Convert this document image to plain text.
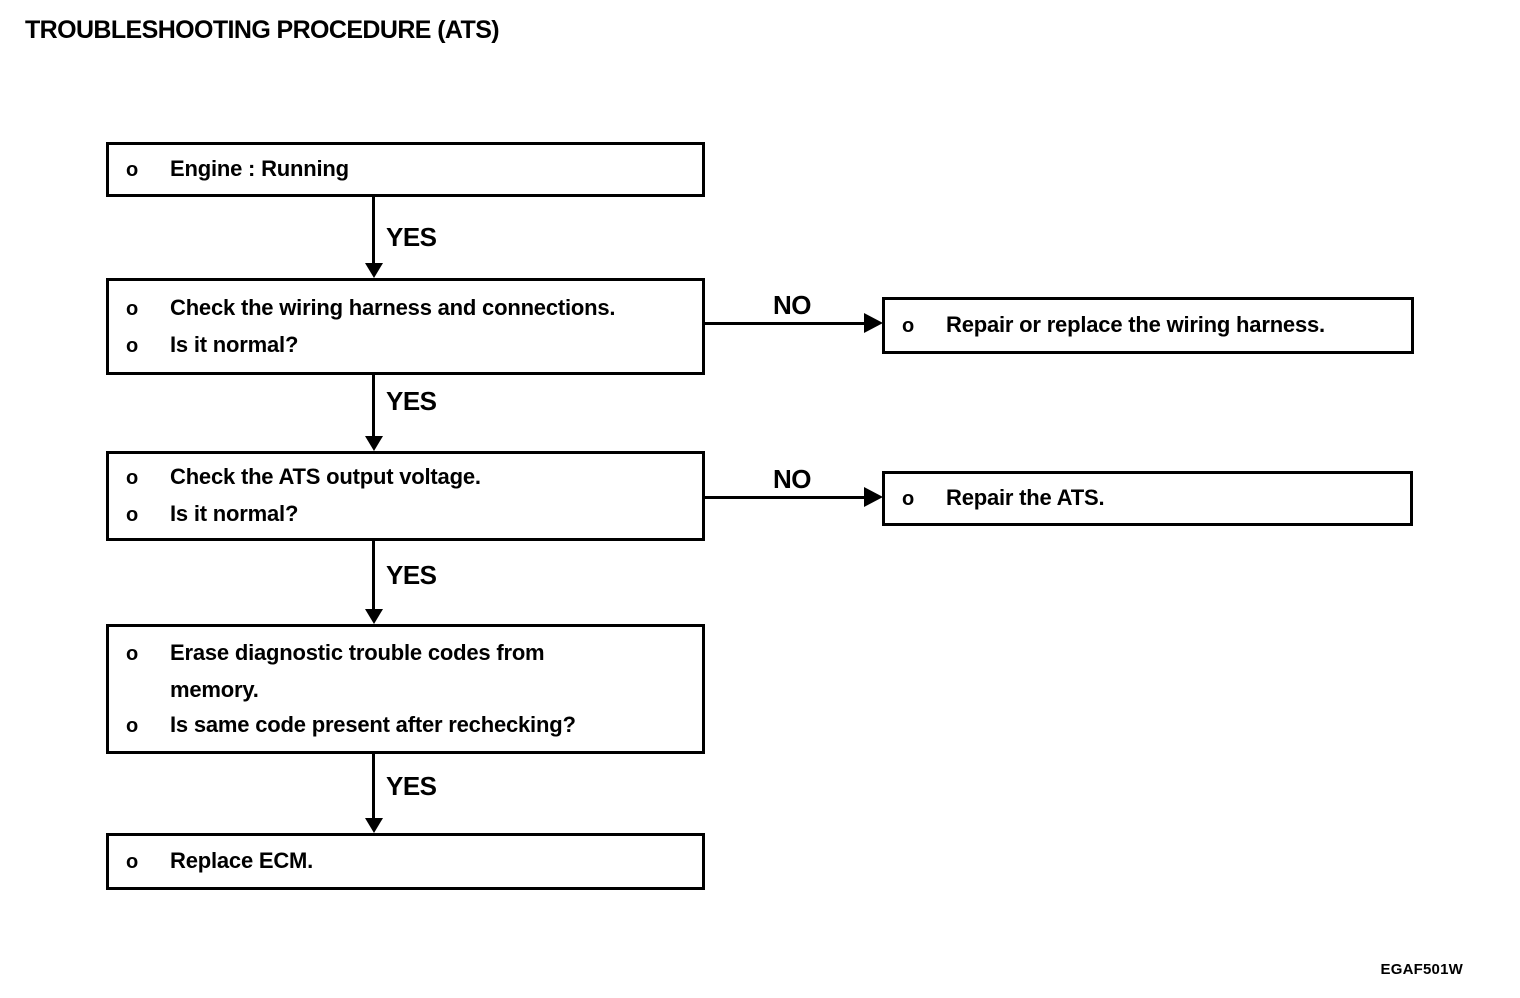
TROUBLESHOOTING PROCEDURE (ATS)
o	Engine : Running
YES
o	Check the wiring harness and connections.
o	Is it normal?
NO
o	Repair or replace the wiring harness.
YES
o	Check the ATS output voltage.
o	Is it normal?
NO
o	Repair the ATS.
YES
o	Erase diagnostic trouble codes from
memory.
o	Is same code present after rechecking?
YES
o	Replace ECM.
EGAF501W
